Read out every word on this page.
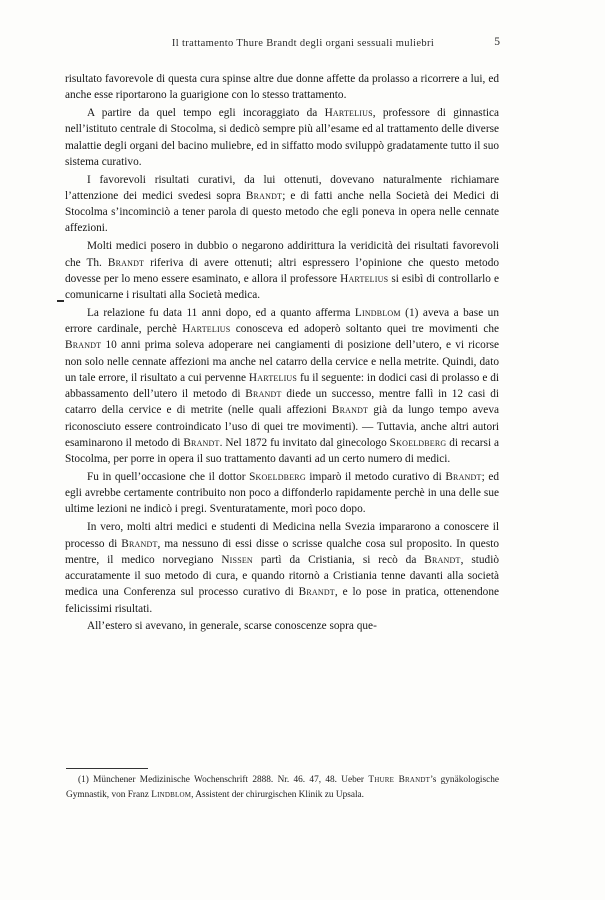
Il trattamento Thure Brandt degli organi sessuali muliebri	5

risultato favorevole di questa cura spinse altre due donne affette da prolasso a ricorrere a lui, ed anche esse riportarono la guarigione con lo stesso trattamento.

A partire da quel tempo egli incoraggiato da Hartelius, professore di ginnastica nell’istituto centrale di Stocolma, si dedicò sempre più all’esame ed al trattamento delle diverse malattie degli organi del bacino muliebre, ed in siffatto modo sviluppò gradatamente tutto il suo sistema curativo.

I favorevoli risultati curativi, da lui ottenuti, dovevano naturalmente richiamare l’attenzione dei medici svedesi sopra Brandt; e di fatti anche nella Società dei Medici di Stocolma s’incominciò a tener parola di questo metodo che egli poneva in opera nelle cennate affezioni.

Molti medici posero in dubbio o negarono addirittura la veridicità dei risultati favorevoli che Th. Brandt riferiva di avere ottenuti; altri espressero l’opinione che questo metodo dovesse per lo meno essere esaminato, e allora il professore Hartelius si esibì di controllarlo e comunicarne i risultati alla Società medica.

La relazione fu data 11 anni dopo, ed a quanto afferma Lindblom (1) aveva a base un errore cardinale, perchè Hartelius conosceva ed adoperò soltanto quei tre movimenti che Brandt 10 anni prima soleva adoperare nei cangiamenti di posizione dell’utero, e vi ricorse non solo nelle cennate affezioni ma anche nel catarro della cervice e nella metrite. Quindi, dato un tale errore, il risultato a cui pervenne Hartelius fu il seguente: in dodici casi di prolasso e di abbassamento dell’utero il metodo di Brandt diede un successo, mentre fallì in 12 casi di catarro della cervice e di metrite (nelle quali affezioni Brandt già da lungo tempo aveva riconosciuto essere controindicato l’uso di quei tre movimenti). — Tuttavia, anche altri autori esaminarono il metodo di Brandt. Nel 1872 fu invitato dal ginecologo Skoeldberg di recarsi a Stocolma, per porre in opera il suo trattamento davanti ad un certo numero di medici.

Fu in quell’occasione che il dottor Skoeldberg imparò il metodo curativo di Brandt; ed egli avrebbe certamente contribuito non poco a diffonderlo rapidamente perchè in una delle sue ultime lezioni ne indicò i pregi. Sventuratamente, morì poco dopo.

In vero, molti altri medici e studenti di Medicina nella Svezia impararono a conoscere il processo di Brandt, ma nessuno di essi disse o scrisse qualche cosa sul proposito. In questo mentre, il medico norvegiano Nissen partì da Cristiania, si recò da Brandt, studiò accuratamente il suo metodo di cura, e quando ritornò a Cristiania tenne davanti alla società medica una Conferenza sul processo curativo di Brandt, e lo pose in pratica, ottenendone felicissimi risultati.

All’estero si avevano, in generale, scarse conoscenze sopra que-

(1) Münchener Medizinische Wochenschrift 2888. Nr. 46. 47, 48. Ueber Thure Brandt’s gynäkologische Gymnastik, von Franz Lindblom, Assistent der chirurgischen Klinik zu Upsala.
